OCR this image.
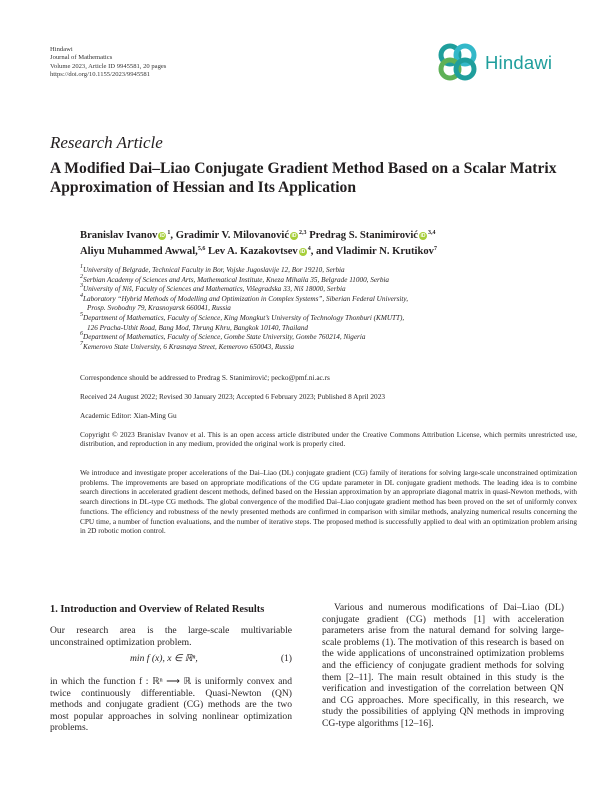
Hindawi
Journal of Mathematics
Volume 2023, Article ID 9945581, 20 pages
https://doi.org/10.1155/2023/9945581
Hindawi
Research Article
A Modified Dai–Liao Conjugate Gradient Method Based on a Scalar Matrix Approximation of Hessian and Its Application
Branislav Ivanov iD $^1$, Gradimir V. Milovanović iD $^{2,3}$ Predrag S. Stanimirović iD $^{3,4}$
Aliyu Muhammed Awwal,$^{5,6}$ Lev A. Kazakovtsev iD $^4$, and Vladimir N. Krutikov$^7$
$^1$University of Belgrade, Technical Faculty in Bor, Vojske Jugoslavije 12, Bor 19210, Serbia
$^2$Serbian Academy of Sciences and Arts, Mathematical Institute, Kneza Mihaila 35, Belgrade 11000, Serbia
$^3$University of Niš, Faculty of Sciences and Mathematics, Višegradska 33, Niš 18000, Serbia
$^4$Laboratory “Hybrid Methods of Modelling and Optimization in Complex Systems”, Siberian Federal University,
Prosp. Svobodny 79, Krasnoyarsk 660041, Russia
$^5$Department of Mathematics, Faculty of Science, King Mongkut’s University of Technology Thonburi (KMUTT),
126 Pracha-Uthit Road, Bang Mod, Thrung Khru, Bangkok 10140, Thailand
$^6$Department of Mathematics, Faculty of Science, Gombe State University, Gombe 760214, Nigeria
$^7$Kemerovo State University, 6 Krasnaya Street, Kemerovo 650043, Russia
Correspondence should be addressed to Predrag S. Stanimirović; pecko@pmf.ni.ac.rs
Received 24 August 2022; Revised 30 January 2023; Accepted 6 February 2023; Published 8 April 2023
Academic Editor: Xian-Ming Gu
Copyright © 2023 Branislav Ivanov et al. This is an open access article distributed under the Creative Commons Attribution License, which permits unrestricted use, distribution, and reproduction in any medium, provided the original work is properly cited.
We introduce and investigate proper accelerations of the Dai–Liao (DL) conjugate gradient (CG) family of iterations for solving large-scale unconstrained optimization problems. The improvements are based on appropriate modifications of the CG update parameter in DL conjugate gradient methods. The leading idea is to combine search directions in accelerated gradient descent methods, defined based on the Hessian approximation by an appropriate diagonal matrix in quasi-Newton methods, with search directions in DL-type CG methods. The global convergence of the modified Dai–Liao conjugate gradient method has been proved on the set of uniformly convex functions. The efficiency and robustness of the newly presented methods are confirmed in comparison with similar methods, analyzing numerical results concerning the CPU time, a number of function evaluations, and the number of iterative steps. The proposed method is successfully applied to deal with an optimization problem arising in 2D robotic motion control.
1. Introduction and Overview of Related Results
Our research area is the large-scale multivariable unconstrained optimization problem.
min f (x), x ∈ ℝⁿ,	(1)
in which the function f : ℝⁿ ⟶ ℝ is uniformly convex and twice continuously differentiable. Quasi-Newton (QN) methods and conjugate gradient (CG) methods are the two most popular approaches in solving nonlinear optimization problems.
Various and numerous modifications of Dai–Liao (DL) conjugate gradient (CG) methods [1] with acceleration parameters arise from the natural demand for solving large-scale problems (1). The motivation of this research is based on the wide applications of unconstrained optimization problems and the efficiency of conjugate gradient methods for solving them [2–11]. The main result obtained in this study is the verification and investigation of the correlation between QN and CG approaches. More specifically, in this research, we study the possibilities of applying QN methods in improving CG-type algorithms [12–16].
